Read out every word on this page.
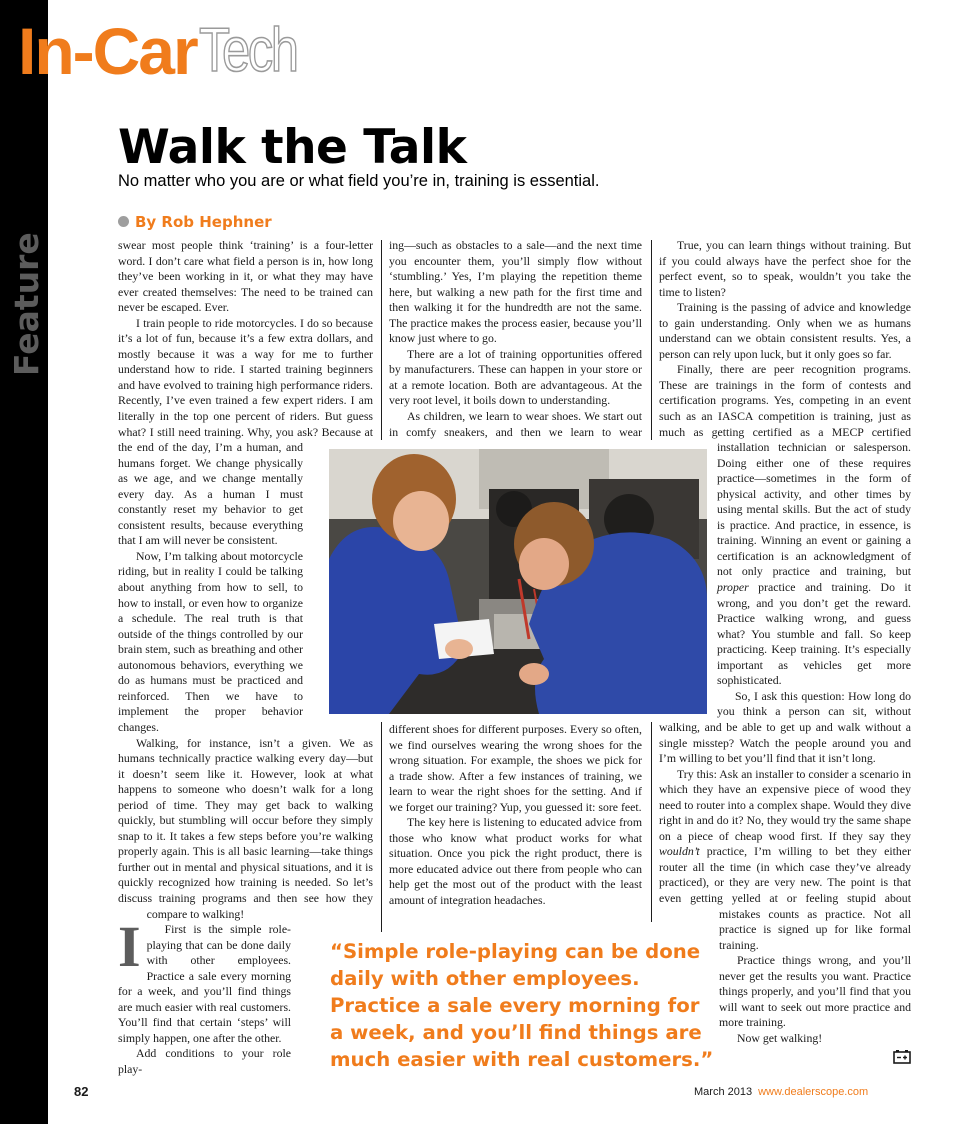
Feature
In-CarTech
Walk the Talk
No matter who you are or what field you’re in, training is essential.
By Rob Hephner
I

swear most people think ‘training’ is a four-letter word. I don’t care what field a person is in, how long they’ve been working in it, or what they may have ever created themselves: The need to be trained can never be escaped. Ever.

I train people to ride motorcycles. I do so because it’s a lot of fun, because it’s a few extra dollars, and mostly because it was a way for me to further understand how to ride. I started training beginners and have evolved to training high performance riders. Recently, I’ve even trained a few expert riders. I am literally in the top one percent of riders. But guess what? I still need training. Why, you ask? Because at the end of the day, I’m a human, and humans forget. We change physically as we age, and we change mentally every day. As a human I must constantly reset my behavior to get consistent results, because everything that I am will never be consistent.

Now, I’m talking about motorcycle riding, but in reality I could be talking about anything from how to sell, to how to install, or even how to organize a schedule. The real truth is that outside of the things controlled by our brain stem, such as breathing and other autonomous behaviors, everything we do as humans must be practiced and reinforced. Then we have to implement the proper behavior changes.

Walking, for instance, isn’t a given. We as humans technically practice walking every day—but it doesn’t seem like it. However, look at what happens to someone who doesn’t walk for a long period of time. They may get back to walking quickly, but stumbling will occur before they simply snap to it. It takes a few steps before you’re walking properly again. This is all basic learning—take things further out in mental and physical situations, and it is quickly recognized how training is needed. So let’s discuss training programs and then see how they compare to walking!

First is the simple role-playing that can be done daily with other employees. Practice a sale every morning for a week, and you’ll find things are much easier with real customers. You’ll find that certain ‘steps’ will simply happen, one after the other.

Add conditions to your role play-

ing—such as obstacles to a sale—and the next time you encounter them, you’ll simply flow without ‘stumbling.’ Yes, I’m playing the repetition theme here, but walking a new path for the first time and then walking it for the hundredth are not the same. The practice makes the process easier, because you’ll know just where to go.

There are a lot of training opportunities offered by manufacturers. These can happen in your store or at a remote location. Both are advantageous. At the very root level, it boils down to understanding.

As children, we learn to wear shoes. We start out in comfy sneakers, and then we learn to wear different shoes for different purposes. Every so often, we find ourselves wearing the wrong shoes for the wrong situation. For example, the shoes we pick for a trade show. After a few instances of training, we learn to wear the right shoes for the setting. And if we forget our training? Yup, you guessed it: sore feet.

The key here is listening to educated advice from those who know what product works for what situation. Once you pick the right product, there is more educated advice out there from people who can help get the most out of the product with the least amount of integration headaches.

True, you can learn things without training. But if you could always have the perfect shoe for the perfect event, so to speak, wouldn’t you take the time to listen?

Training is the passing of advice and knowledge to gain understanding. Only when we as humans understand can we obtain consistent results. Yes, a person can rely upon luck, but it only goes so far.

Finally, there are peer recognition programs. These are trainings in the form of contests and certification programs. Yes, competing in an event such as an IASCA competition is training, just as much as getting certified as a MECP certified installation technician or salesperson. Doing either one of these requires practice—sometimes in the form of physical activity, and other times by using mental skills. But the act of study is practice. And practice, in essence, is training. Winning an event or gaining a certification is an acknowledgment of not only practice and training, but proper practice and training. Do it wrong, and you don’t get the reward. Practice walking wrong, and guess what? You stumble and fall. So keep practicing. Keep training. It’s especially important as vehicles get more sophisticated.

So, I ask this question: How long do you think a person can sit, without walking, and be able to get up and walk without a single misstep? Watch the people around you and I’m willing to bet you’ll find that it isn’t long.

Try this: Ask an installer to consider a scenario in which they have an expensive piece of wood they need to router into a complex shape. Would they dive right in and do it? No, they would try the same shape on a piece of cheap wood first. If they say they wouldn’t practice, I’m willing to bet they either router all the time (in which case they’ve already practiced), or they are very new. The point is that even getting yelled at or feeling stupid about mistakes counts as practice. Not all practice is signed up for like formal training.

Practice things wrong, and you’ll never get the results you want. Practice things properly, and you’ll find that you will want to seek out more practice and more training.

Now get walking!

“Simple role-playing can be done daily with other employees. Practice a sale every morning for a week, and you’ll find things are much easier with real customers.”
82	March 2013 www.dealerscope.com
